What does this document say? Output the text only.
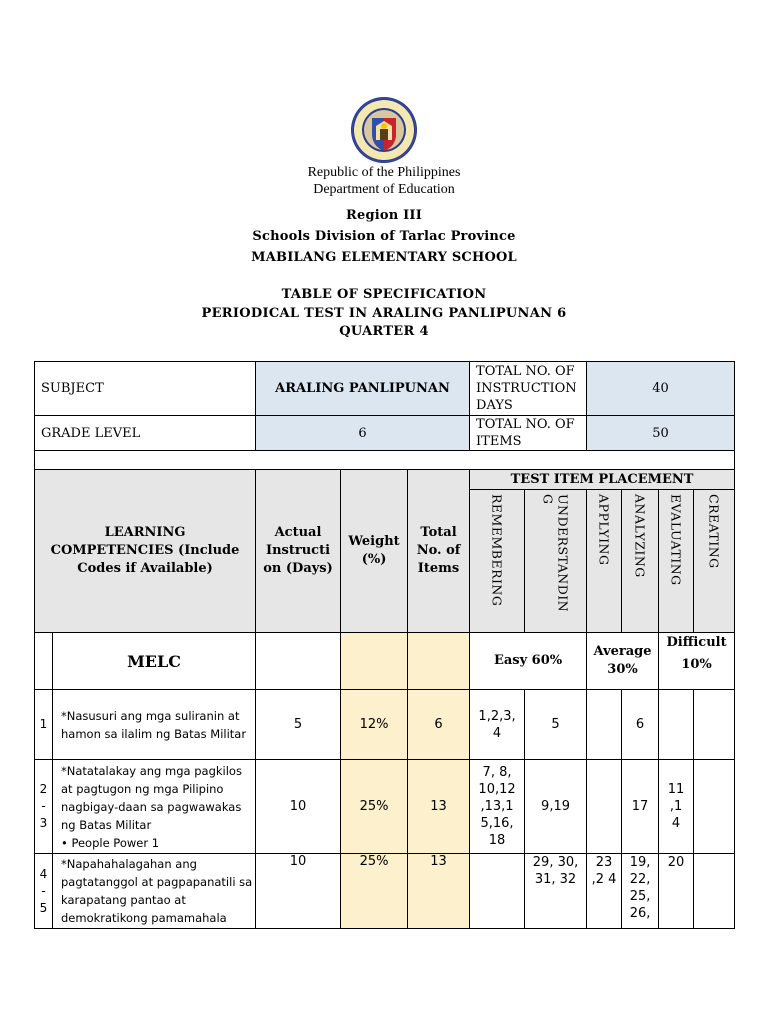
Republic of the Philippines
Department of Education
Region III
Schools Division of Tarlac Province
MABILANG ELEMENTARY SCHOOL
TABLE OF SPECIFICATION
PERIODICAL TEST IN ARALING PANLIPUNAN 6
QUARTER 4
SUBJECT		ARALING PANLIPUNAN			TOTAL NO. OF INSTRUCTION DAYS		40			
GRADE LEVEL		6			TOTAL NO. OF ITEMS		50			

LEARNING COMPETENCIES (Include Codes if Available)		Actual Instructi on (Days)	Weight (%)	Total No. of Items	TEST ITEM PLACEMENT					
					REMEMBERING	UNDERSTANDIN G	APPLYING	ANALYZING	EVALUATING	CREATING
	MELC				Easy 60%		Average 30%		Difficult
10%	

1	*Nasusuri ang mga suliranin at hamon sa ilalim ng Batas Militar	5	12%	6	1,2,3, 4	5		6		
2 - 3	*Natatalakay ang mga pagkilos at pagtugon ng mga Pilipino nagbigay-daan sa pagwawakas ng Batas Militar
• People Power 1	10	25%	13	7, 8, 10,12 ,13,1 5,16, 18	9,19		17	11 ,1 4	
4 - 5	*Napahahalagahan ang pagtatanggol at pagpapanatili sa karapatang pantao at demokratikong pamamahala	10	25%	13		29, 30, 31, 32	23 ,2 4	19, 22, 25, 26,	20	
